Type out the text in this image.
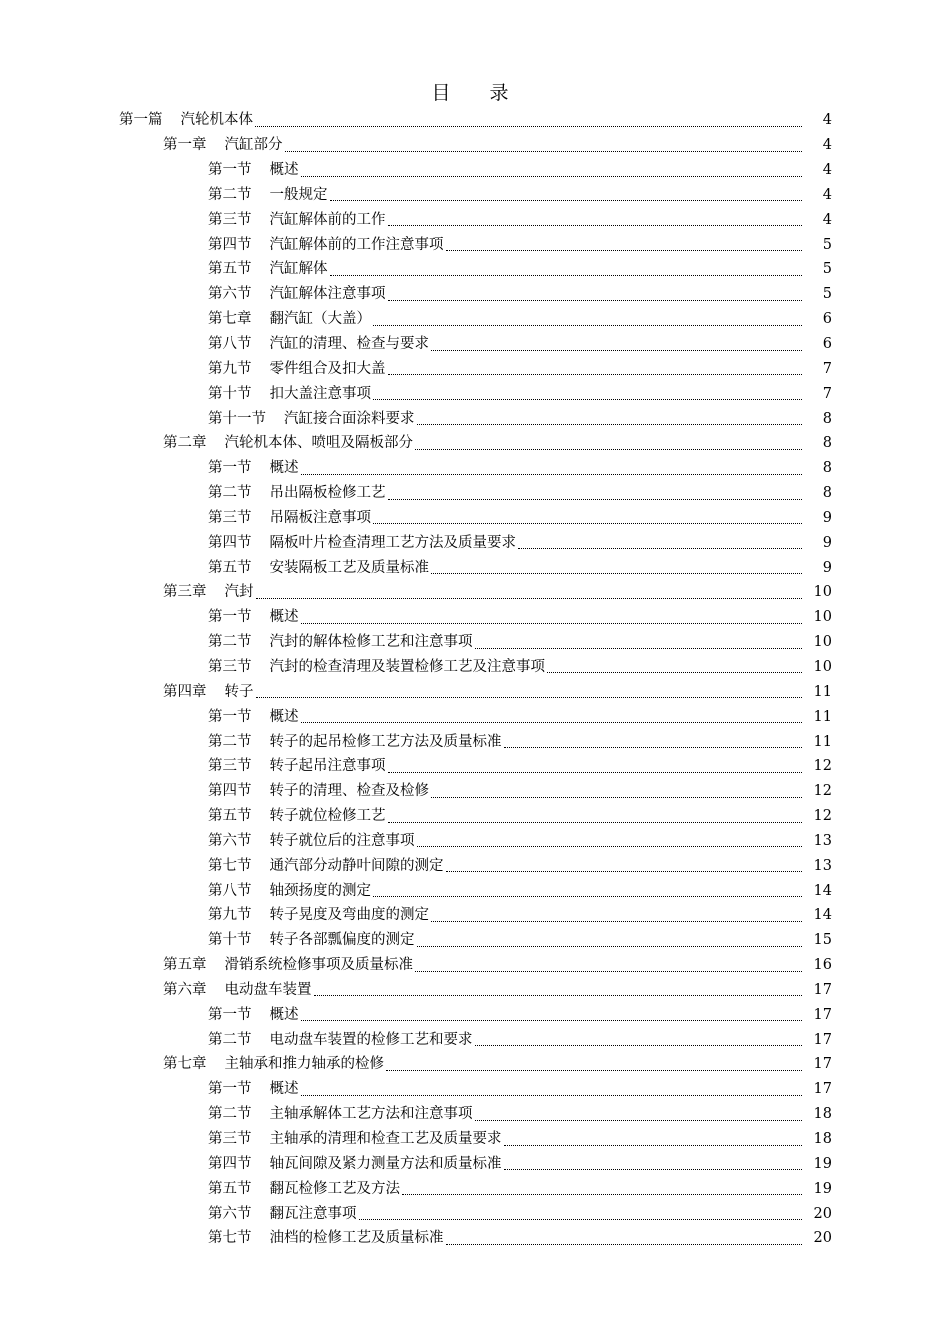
目　录
第一篇 汽轮机本体	4
第一章 汽缸部分	4
第一节 概述	4
第二节 一般规定	4
第三节 汽缸解体前的工作	4
第四节 汽缸解体前的工作注意事项	5
第五节 汽缸解体	5
第六节 汽缸解体注意事项	5
第七章 翻汽缸（大盖）	6
第八节 汽缸的清理、检查与要求	6
第九节 零件组合及扣大盖	7
第十节 扣大盖注意事项	7
第十一节 汽缸接合面涂料要求	8
第二章 汽轮机本体、喷咀及隔板部分	8
第一节 概述	8
第二节 吊出隔板检修工艺	8
第三节 吊隔板注意事项	9
第四节 隔板叶片检查清理工艺方法及质量要求	9
第五节 安装隔板工艺及质量标准	9
第三章 汽封	10
第一节 概述	10
第二节 汽封的解体检修工艺和注意事项	10
第三节 汽封的检查清理及装置检修工艺及注意事项	10
第四章 转子	11
第一节 概述	11
第二节 转子的起吊检修工艺方法及质量标准	11
第三节 转子起吊注意事项	12
第四节 转子的清理、检查及检修	12
第五节 转子就位检修工艺	12
第六节 转子就位后的注意事项	13
第七节 通汽部分动静叶间隙的测定	13
第八节 轴颈扬度的测定	14
第九节 转子晃度及弯曲度的测定	14
第十节 转子各部瓢偏度的测定	15
第五章 滑销系统检修事项及质量标准	16
第六章 电动盘车装置	17
第一节 概述	17
第二节 电动盘车装置的检修工艺和要求	17
第七章 主轴承和推力轴承的检修	17
第一节 概述	17
第二节 主轴承解体工艺方法和注意事项	18
第三节 主轴承的清理和检查工艺及质量要求	18
第四节 轴瓦间隙及紧力测量方法和质量标准	19
第五节 翻瓦检修工艺及方法	19
第六节 翻瓦注意事项	20
第七节 油档的检修工艺及质量标准	20
